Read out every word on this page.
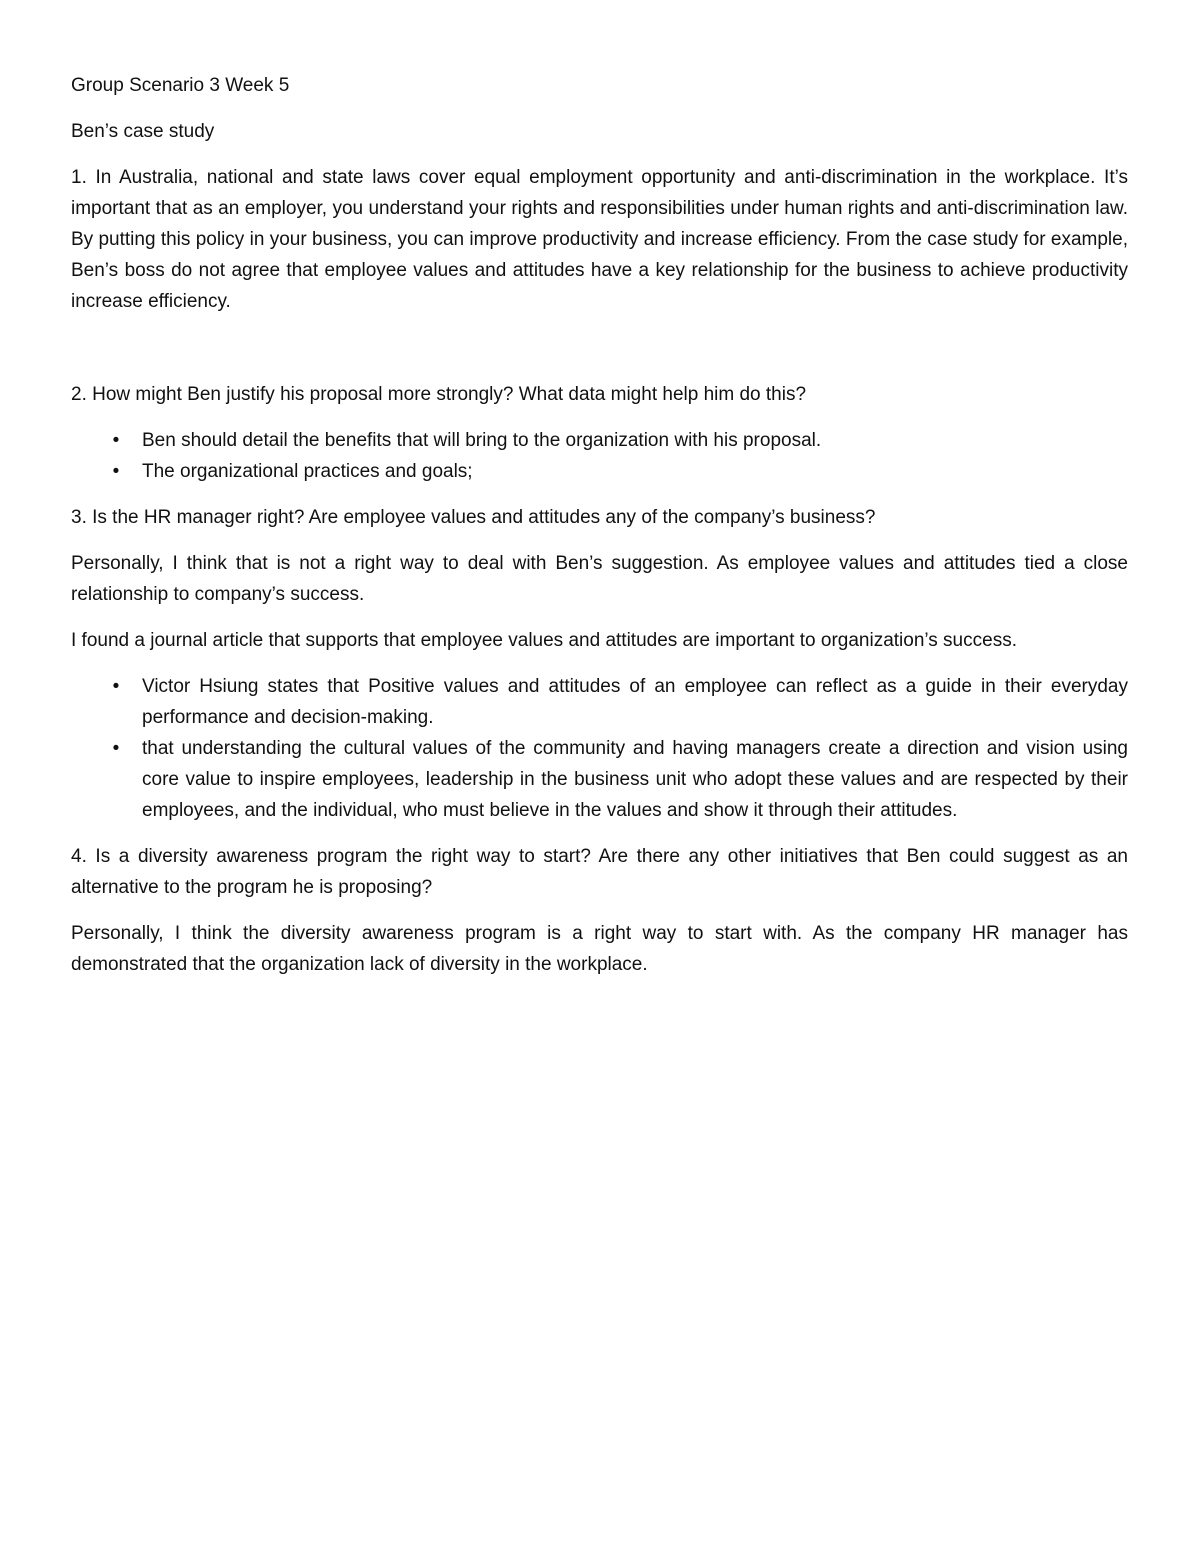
Group Scenario 3 Week 5

Ben’s case study

1. In Australia, national and state laws cover equal employment opportunity and anti-discrimination in the workplace. It’s important that as an employer, you understand your rights and responsibilities under human rights and anti-discrimination law. By putting this policy in your business, you can improve productivity and increase efficiency. From the case study for example, Ben’s boss do not agree that employee values and attitudes have a key relationship for the business to achieve productivity increase efficiency.

2. How might Ben justify his proposal more strongly? What data might help him do this?

•	Ben should detail the benefits that will bring to the organization with his proposal.
•	The organizational practices and goals;

3. Is the HR manager right? Are employee values and attitudes any of the company’s business?

Personally, I think that is not a right way to deal with Ben’s suggestion. As employee values and attitudes tied a close relationship to company’s success.

I found a journal article that supports that employee values and attitudes are important to organization’s success.

•	Victor Hsiung states that Positive values and attitudes of an employee can reflect as a guide in their everyday performance and decision-making.
•	that understanding the cultural values of the community and having managers create a direction and vision using core value to inspire employees, leadership in the business unit who adopt these values and are respected by their employees, and the individual, who must believe in the values and show it through their attitudes.

4. Is a diversity awareness program the right way to start? Are there any other initiatives that Ben could suggest as an alternative to the program he is proposing?

Personally, I think the diversity awareness program is a right way to start with. As the company HR manager has demonstrated that the organization lack of diversity in the workplace.
